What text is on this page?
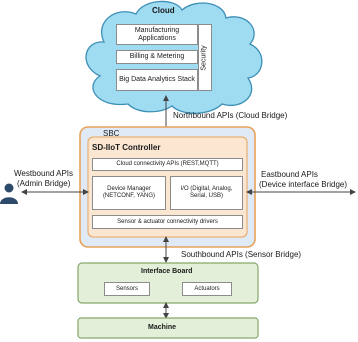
Cloud
Manufacturing Applications
Billing & Metering
Big Data Analytics Stack
Security
Northbound APIs (Cloud Bridge)
SBC
SD-IIoT Controller
Cloud connectivity APIs (REST,MQTT)
Device Manager (NETCONF, YANG)
I/O (Digital, Analog, Serial, USB)
Sensor & actuator connectivity drivers
Westbound APIs
(Admin Bridge)
Eastbound APIs
(Device interface Bridge)
Southbound APIs (Sensor Bridge)
Interface Board
Sensors	Actuators
Machine
